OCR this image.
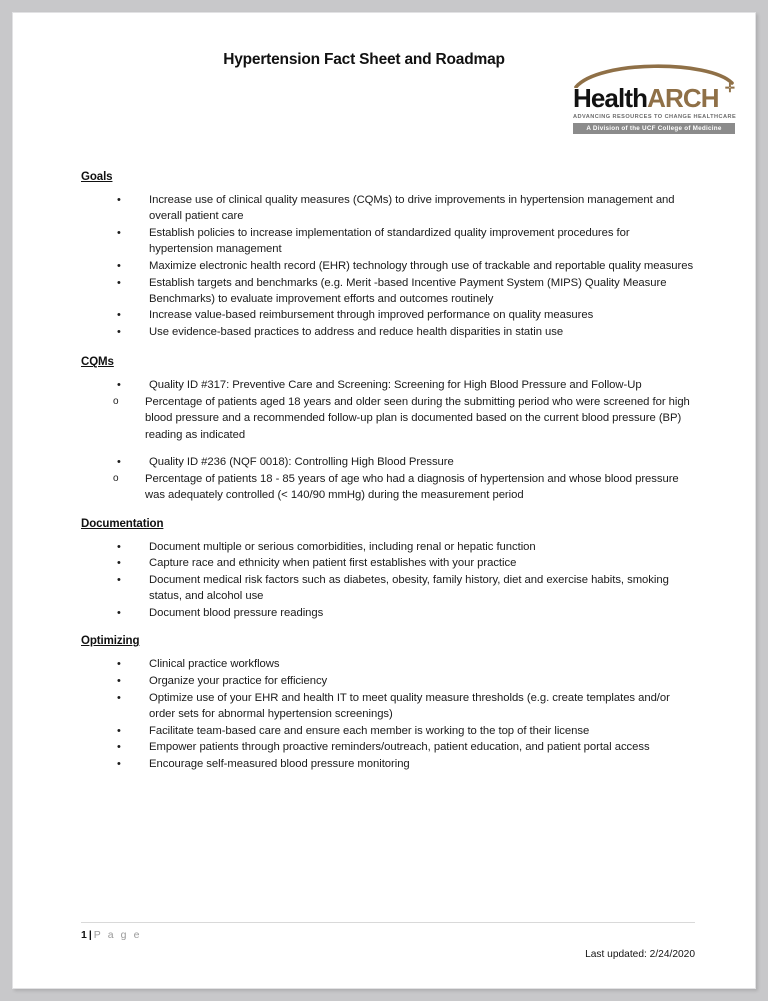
Hypertension Fact Sheet and Roadmap
HealthARCH ✛
ADVANCING RESOURCES TO CHANGE HEALTHCARE
A Division of the UCF College of Medicine
Goals
• Increase use of clinical quality measures (CQMs) to drive improvements in hypertension management and overall patient care
• Establish policies to increase implementation of standardized quality improvement procedures for hypertension management
• Maximize electronic health record (EHR) technology through use of trackable and reportable quality measures
• Establish targets and benchmarks (e.g. Merit -based Incentive Payment System (MIPS) Quality Measure Benchmarks) to evaluate improvement efforts and outcomes routinely
• Increase value-based reimbursement through improved performance on quality measures
• Use evidence-based practices to address and reduce health disparities in statin use
CQMs
• Quality ID #317: Preventive Care and Screening: Screening for High Blood Pressure and Follow-Up
o Percentage of patients aged 18 years and older seen during the submitting period who were screened for high blood pressure and a recommended follow-up plan is documented based on the current blood pressure (BP) reading as indicated
• Quality ID #236 (NQF 0018): Controlling High Blood Pressure
o Percentage of patients 18 - 85 years of age who had a diagnosis of hypertension and whose blood pressure was adequately controlled (< 140/90 mmHg) during the measurement period
Documentation
• Document multiple or serious comorbidities, including renal or hepatic function
• Capture race and ethnicity when patient first establishes with your practice
• Document medical risk factors such as diabetes, obesity, family history, diet and exercise habits, smoking status, and alcohol use
• Document blood pressure readings
Optimizing
• Clinical practice workflows
• Organize your practice for efficiency
• Optimize use of your EHR and health IT to meet quality measure thresholds (e.g. create templates and/or order sets for abnormal hypertension screenings)
• Facilitate team-based care and ensure each member is working to the top of their license
• Empower patients through proactive reminders/outreach, patient education, and patient portal access
• Encourage self-measured blood pressure monitoring
1 | P a g e
Last updated: 2/24/2020
